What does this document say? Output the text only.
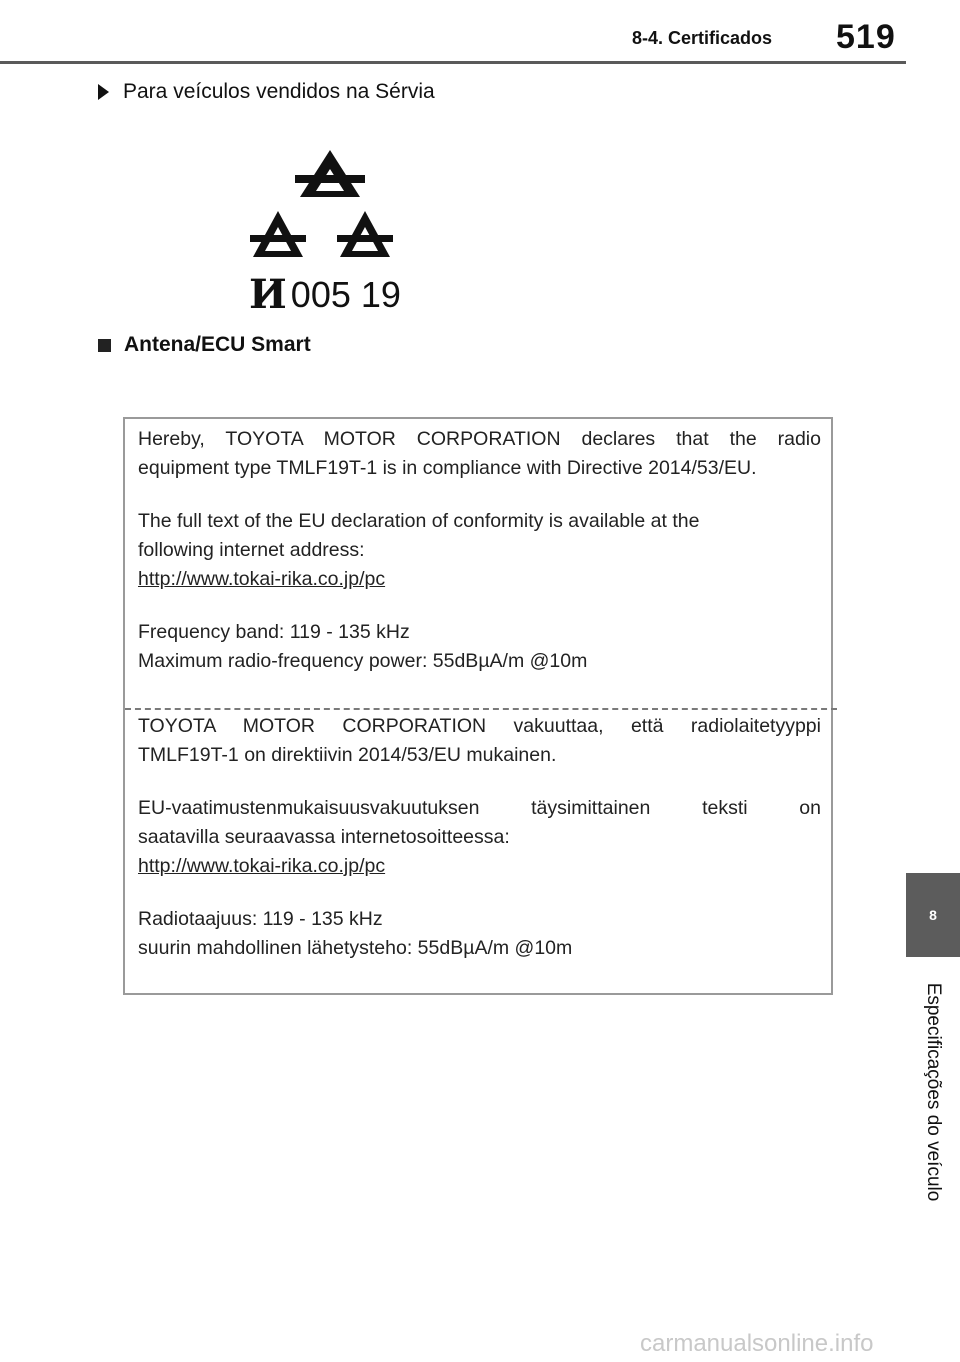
8-4. Certificados 519
Para veículos vendidos na Sérvia
И 005 19
Antena/ECU Smart

Hereby, TOYOTA MOTOR CORPORATION declares that the radio

equipment type TMLF19T-1 is in compliance with Directive 2014/53/EU.

The full text of the EU declaration of conformity is available at the

following internet address:

http://www.tokai-rika.co.jp/pc

Frequency band: 119 - 135 kHz

Maximum radio-frequency power: 55dBµA/m @10m

TOYOTA MOTOR CORPORATION vakuuttaa, että radiolaitetyyppi

TMLF19T-1 on direktiivin 2014/53/EU mukainen.

EU-vaatimustenmukaisuusvakuutuksen täysimittainen teksti on

saatavilla seuraavassa internetosoitteessa:

http://www.tokai-rika.co.jp/pc

Radiotaajuus: 119 - 135 kHz

suurin mahdollinen lähetysteho: 55dBµA/m @10m

8
Especificações do veículo
carmanualsonline.info
